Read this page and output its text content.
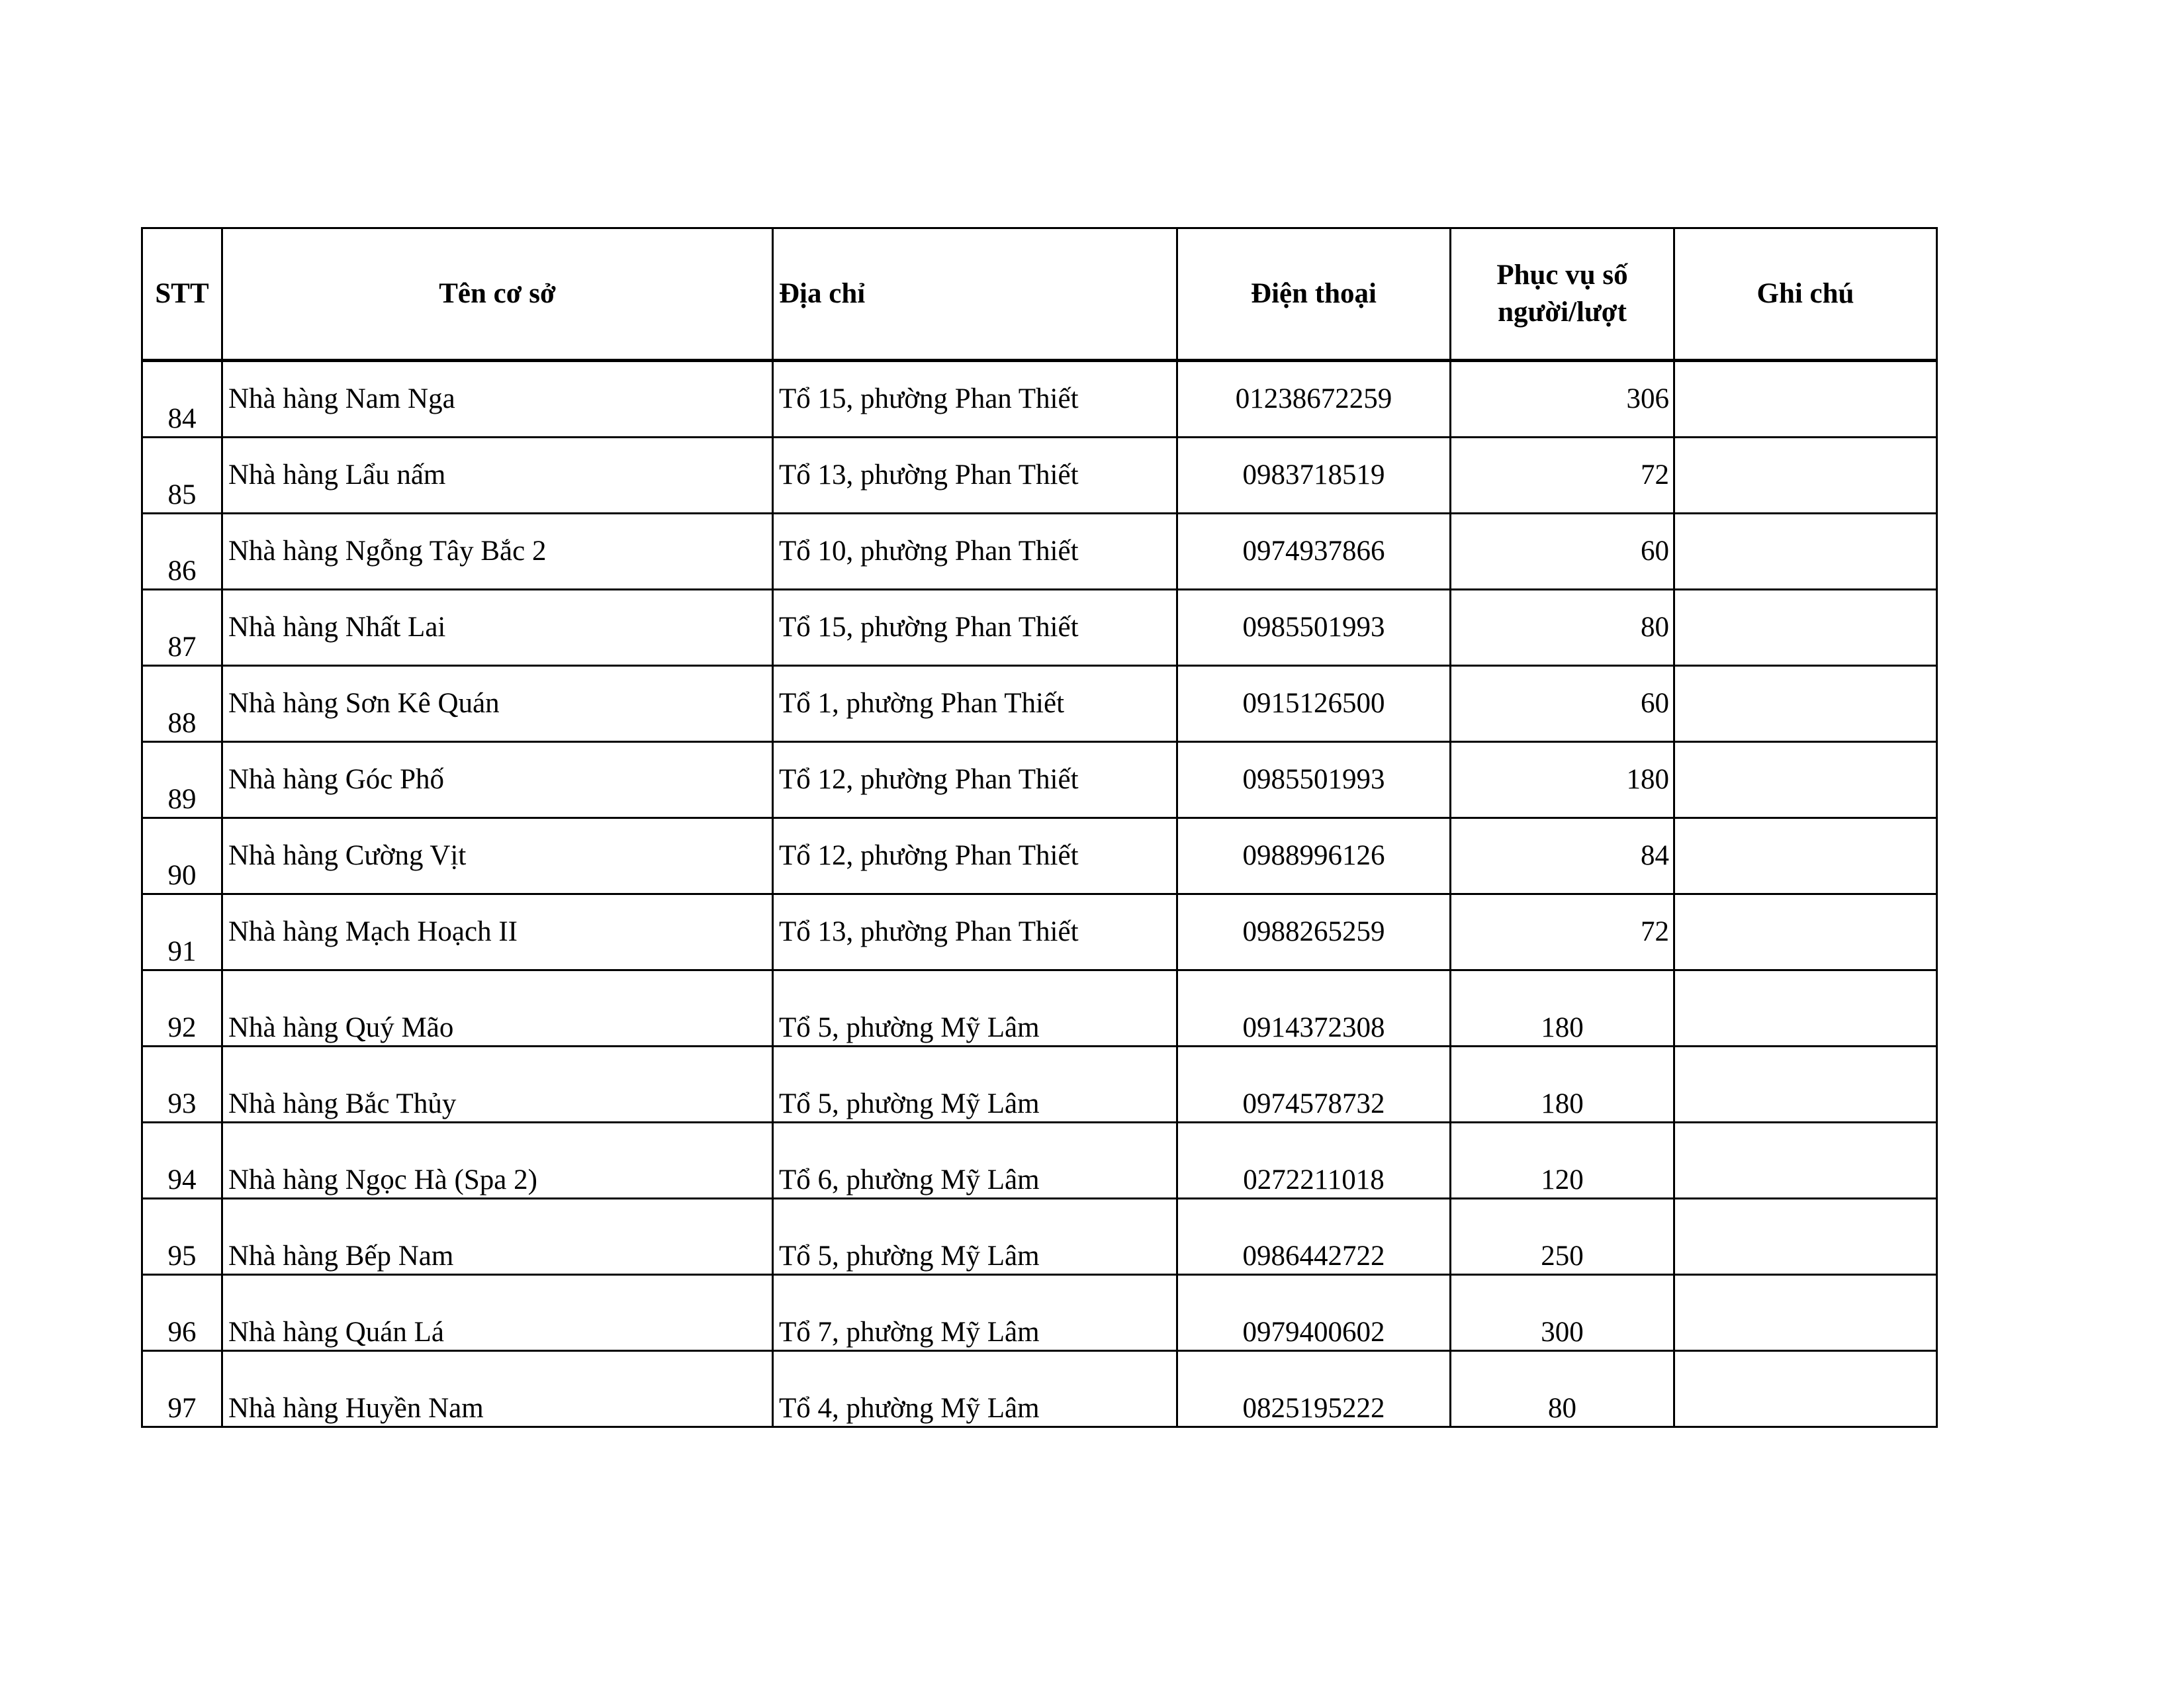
STT	Tên cơ sở	Địa chỉ	Điện thoại	Phục vụ số người/lượt	Ghi chú
84	Nhà hàng Nam Nga	Tổ 15, phường Phan Thiết	01238672259	306	
85	Nhà hàng Lẩu nấm	Tổ 13, phường Phan Thiết	0983718519	72	
86	Nhà hàng Ngỗng Tây Bắc 2	Tổ 10, phường Phan Thiết	0974937866	60	
87	Nhà hàng Nhất Lai	Tổ 15, phường Phan Thiết	0985501993	80	
88	Nhà hàng Sơn Kê Quán	Tổ 1, phường Phan Thiết	0915126500	60	
89	Nhà hàng Góc Phố	Tổ 12, phường Phan Thiết	0985501993	180	
90	Nhà hàng Cường Vịt	Tổ 12, phường Phan Thiết	0988996126	84	
91	Nhà hàng Mạch Hoạch II	Tổ 13, phường Phan Thiết	0988265259	72	
92	Nhà hàng Quý Mão	Tổ 5, phường Mỹ Lâm	0914372308	180	
93	Nhà hàng Bắc Thủy	Tổ 5, phường Mỹ Lâm	0974578732	180	
94	Nhà hàng Ngọc Hà (Spa 2)	Tổ 6, phường Mỹ Lâm	0272211018	120	
95	Nhà hàng Bếp Nam	Tổ 5, phường Mỹ Lâm	0986442722	250	
96	Nhà hàng Quán Lá	Tổ 7, phường Mỹ Lâm	0979400602	300	
97	Nhà hàng Huyền Nam	Tổ 4, phường Mỹ Lâm	0825195222	80	
